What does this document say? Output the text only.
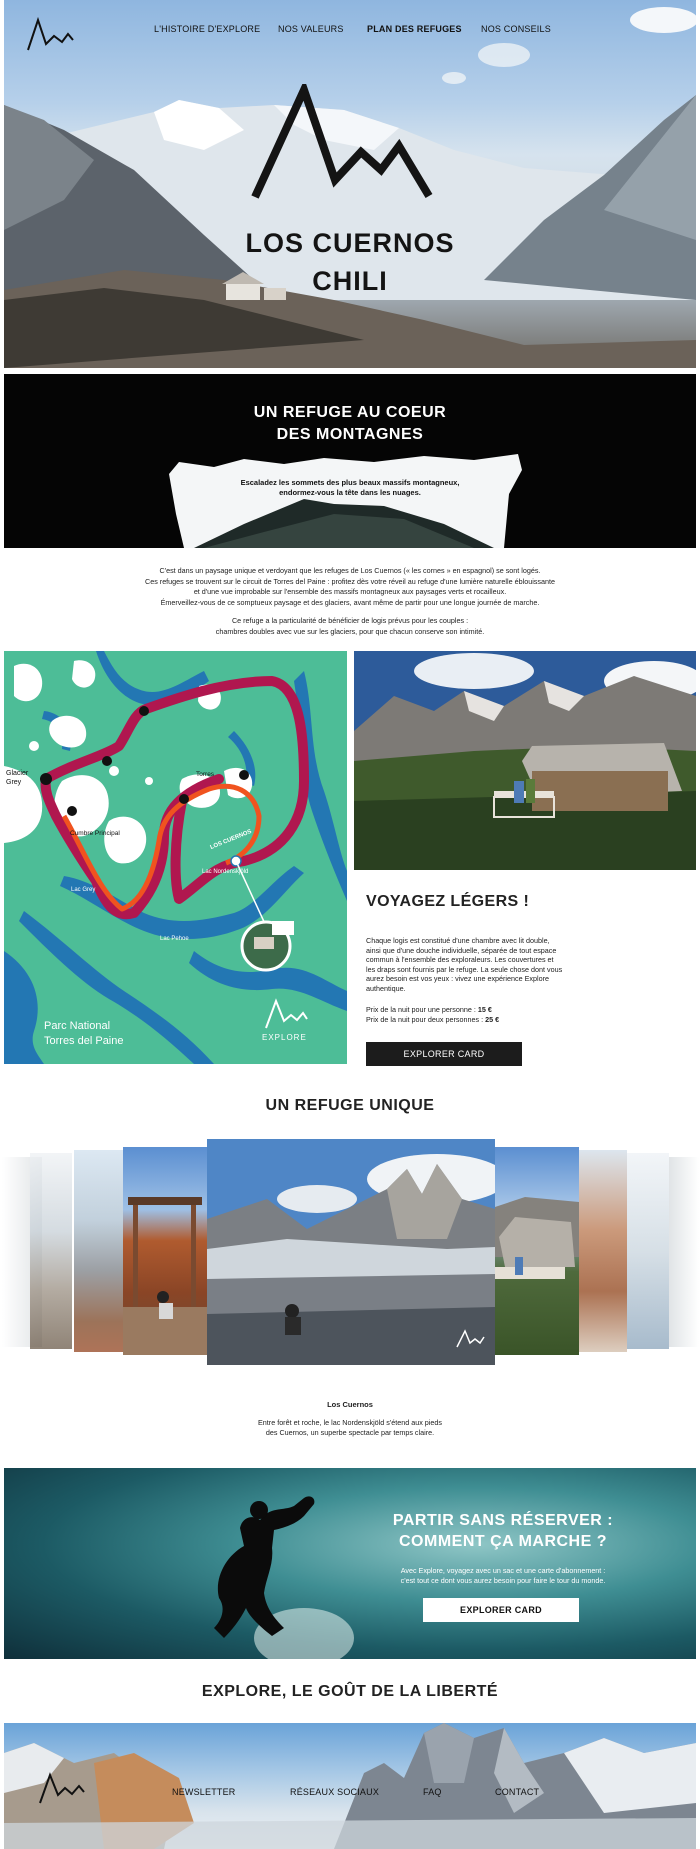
L'HISTOIRE D'EXPLORE NOS VALEURS	PLAN DES REFUGES NOS CONSEILS
LOS CUERNOS
CHILI
UN REFUGE AU COEUR
DES MONTAGNES
Escaladez les sommets des plus beaux massifs montagneux,
endormez-vous la tête dans les nuages.
C'est dans un paysage unique et verdoyant que les refuges de Los Cuernos (« les cornes » en espagnol) se sont logés.
Ces refuges se trouvent sur le circuit de Torres del Paine : profitez dès votre réveil au refuge d'une lumière naturelle éblouissante
et d'une vue improbable sur l'ensemble des massifs montagneux aux paysages verts et rocailleux.
Émerveillez-vous de ce somptueux paysage et des glaciers, avant même de partir pour une longue journée de marche.
Ce refuge a la particularité de bénéficier de logis prévus pour les couples :
chambres doubles avec vue sur les glaciers, pour que chacun conserve son intimité.
Glacier
Grey
Torres
Cumbre Principal	LOS CUERNOS
Lac Nordenskjöld
Lac Grey
Lac Pehoe
Parc National
Torres del Paine	EXPLORE
VOYAGEZ LÉGERS !
Chaque logis est constitué d'une chambre avec lit double,
ainsi que d'une douche individuelle, séparée de tout espace
commun à l'ensemble des exploraleurs. Les couvertures et
les draps sont fournis par le refuge. La seule chose dont vous
aurez besoin est vos yeux : vivez une expérience Explore
authentique.
Prix de la nuit pour une personne : 15 €
Prix de la nuit pour deux personnes : 25 €
EXPLORER CARD
UN REFUGE UNIQUE
Los Cuernos
Entre forêt et roche, le lac Nordenskjöld s'étend aux pieds
des Cuernos, un superbe spectacle par temps claire.
PARTIR SANS RÉSERVER :
COMMENT ÇA MARCHE ?
Avec Explore, voyagez avec un sac et une carte d'abonnement :
c'est tout ce dont vous aurez besoin pour faire le tour du monde.
EXPLORER CARD
EXPLORE, LE GOÛT DE LA LIBERTÉ
NEWSLETTER	RÉSEAUX SOCIAUX	FAQ	CONTACT
